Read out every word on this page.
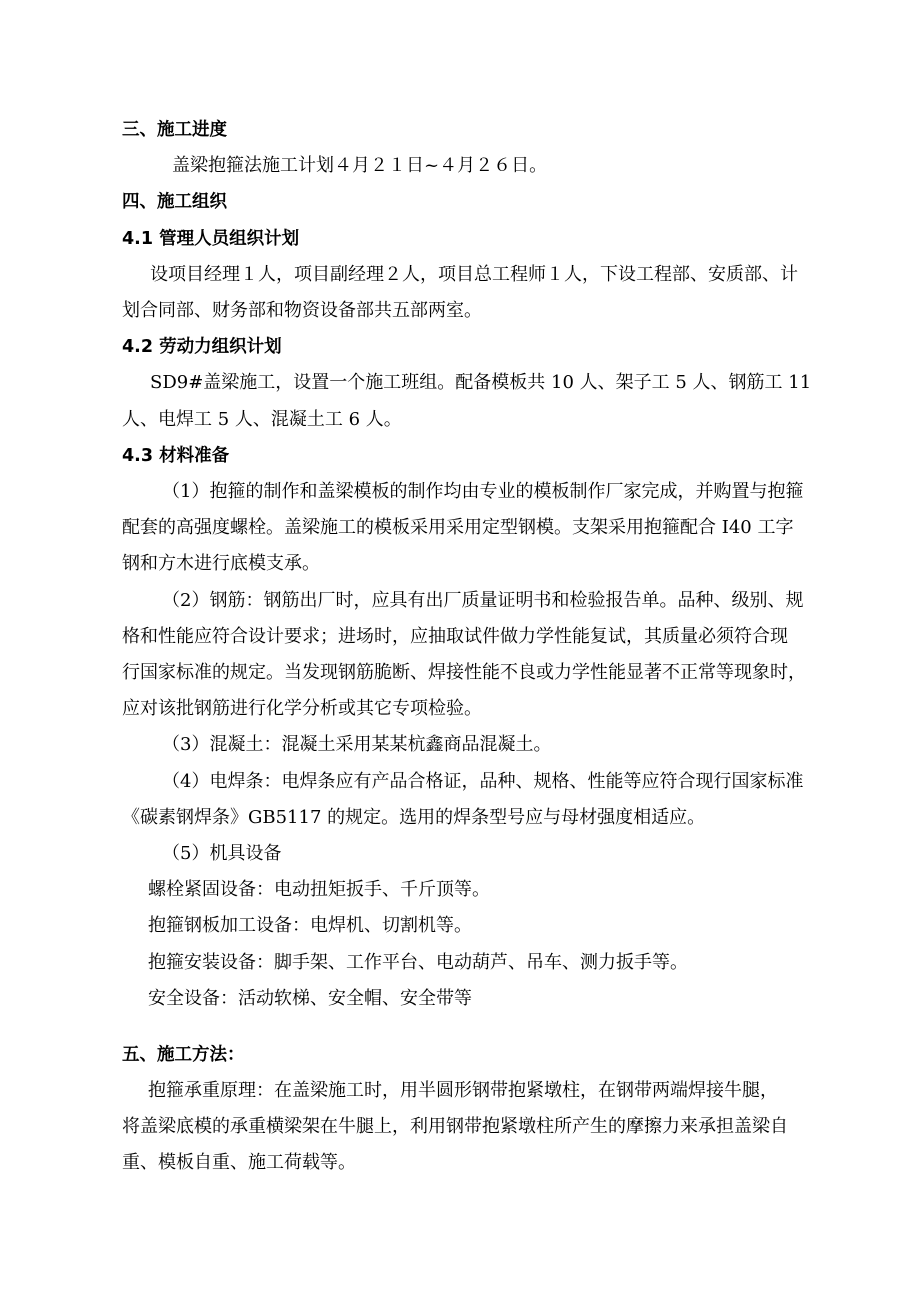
三、施工进度
盖梁抱箍法施工计划４月２１日~４月２６日。
四、施工组织
4.1 管理人员组织计划
设项目经理１人，项目副经理２人，项目总工程师１人，下设工程部、安质部、计
划合同部、财务部和物资设备部共五部两室。
4.2 劳动力组织计划
SD9#盖梁施工，设置一个施工班组。配备模板共 10 人、架子工 5 人、钢筋工 11
人、电焊工 5 人、混凝土工 6 人。
4.3 材料准备
（1）抱箍的制作和盖梁模板的制作均由专业的模板制作厂家完成，并购置与抱箍
配套的高强度螺栓。盖梁施工的模板采用采用定型钢模。支架采用抱箍配合 I40 工字
钢和方木进行底模支承。
（2）钢筋：钢筋出厂时，应具有出厂质量证明书和检验报告单。品种、级别、规
格和性能应符合设计要求；进场时，应抽取试件做力学性能复试，其质量必须符合现
行国家标准的规定。当发现钢筋脆断、焊接性能不良或力学性能显著不正常等现象时，
应对该批钢筋进行化学分析或其它专项检验。
（3）混凝土：混凝土采用某某杭鑫商品混凝土。
（4）电焊条：电焊条应有产品合格证，品种、规格、性能等应符合现行国家标准
《碳素钢焊条》GB5117 的规定。选用的焊条型号应与母材强度相适应。
（5）机具设备
螺栓紧固设备：电动扭矩扳手、千斤顶等。
抱箍钢板加工设备：电焊机、切割机等。
抱箍安装设备：脚手架、工作平台、电动葫芦、吊车、测力扳手等。
安全设备：活动软梯、安全帽、安全带等
五、施工方法：
抱箍承重原理：在盖梁施工时，用半圆形钢带抱紧墩柱，在钢带两端焊接牛腿，
将盖梁底模的承重横梁架在牛腿上，利用钢带抱紧墩柱所产生的摩擦力来承担盖梁自
重、模板自重、施工荷载等。
